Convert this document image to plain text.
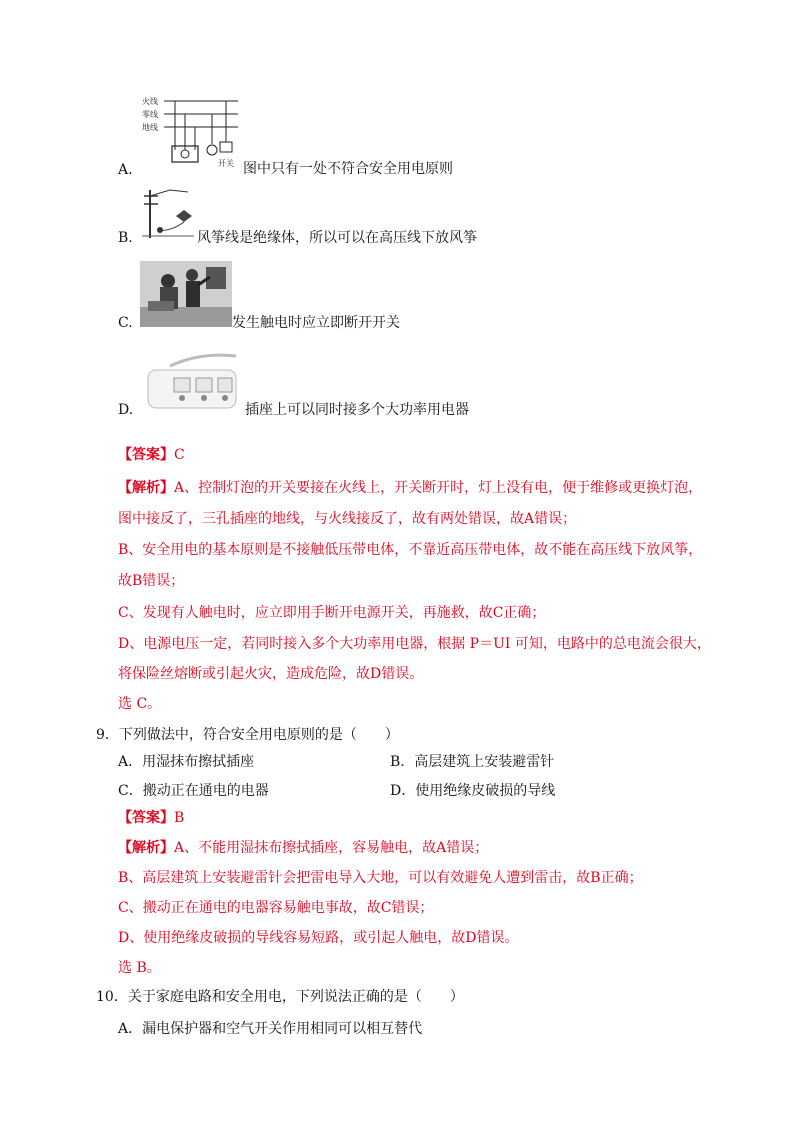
A.
火线
零线
地线
开关 图中只有一处不符合安全用电原则
B.	风筝线是绝缘体，所以可以在高压线下放风筝
C.	发生触电时应立即断开开关
D.	插座上可以同时接多个大功率用电器
【答案】C
【解析】A、控制灯泡的开关要接在火线上，开关断开时，灯上没有电，便于维修或更换灯泡，
图中接反了，三孔插座的地线，与火线接反了，故有两处错误，故A错误；
B、安全用电的基本原则是不接触低压带电体，不靠近高压带电体，故不能在高压线下放风筝，
故B错误；
C、发现有人触电时，应立即用手断开电源开关，再施救，故C正确；
D、电源电压一定，若同时接入多个大功率用电器，根据 P＝UI 可知，电路中的总电流会很大，
将保险丝熔断或引起火灾，造成危险，故D错误。
选 C。
9．下列做法中，符合安全用电原则的是（　　）
A．用湿抹布擦拭插座	B．高层建筑上安装避雷针
C．搬动正在通电的电器	D．使用绝缘皮破损的导线
【答案】B
【解析】A、不能用湿抹布擦拭插座，容易触电，故A错误；
B、高层建筑上安装避雷针会把雷电导入大地，可以有效避免人遭到雷击，故B正确；
C、搬动正在通电的电器容易触电事故，故C错误；
D、使用绝缘皮破损的导线容易短路，或引起人触电，故D错误。
选 B。
10．关于家庭电路和安全用电，下列说法正确的是（　　）
A．漏电保护器和空气开关作用相同可以相互替代
